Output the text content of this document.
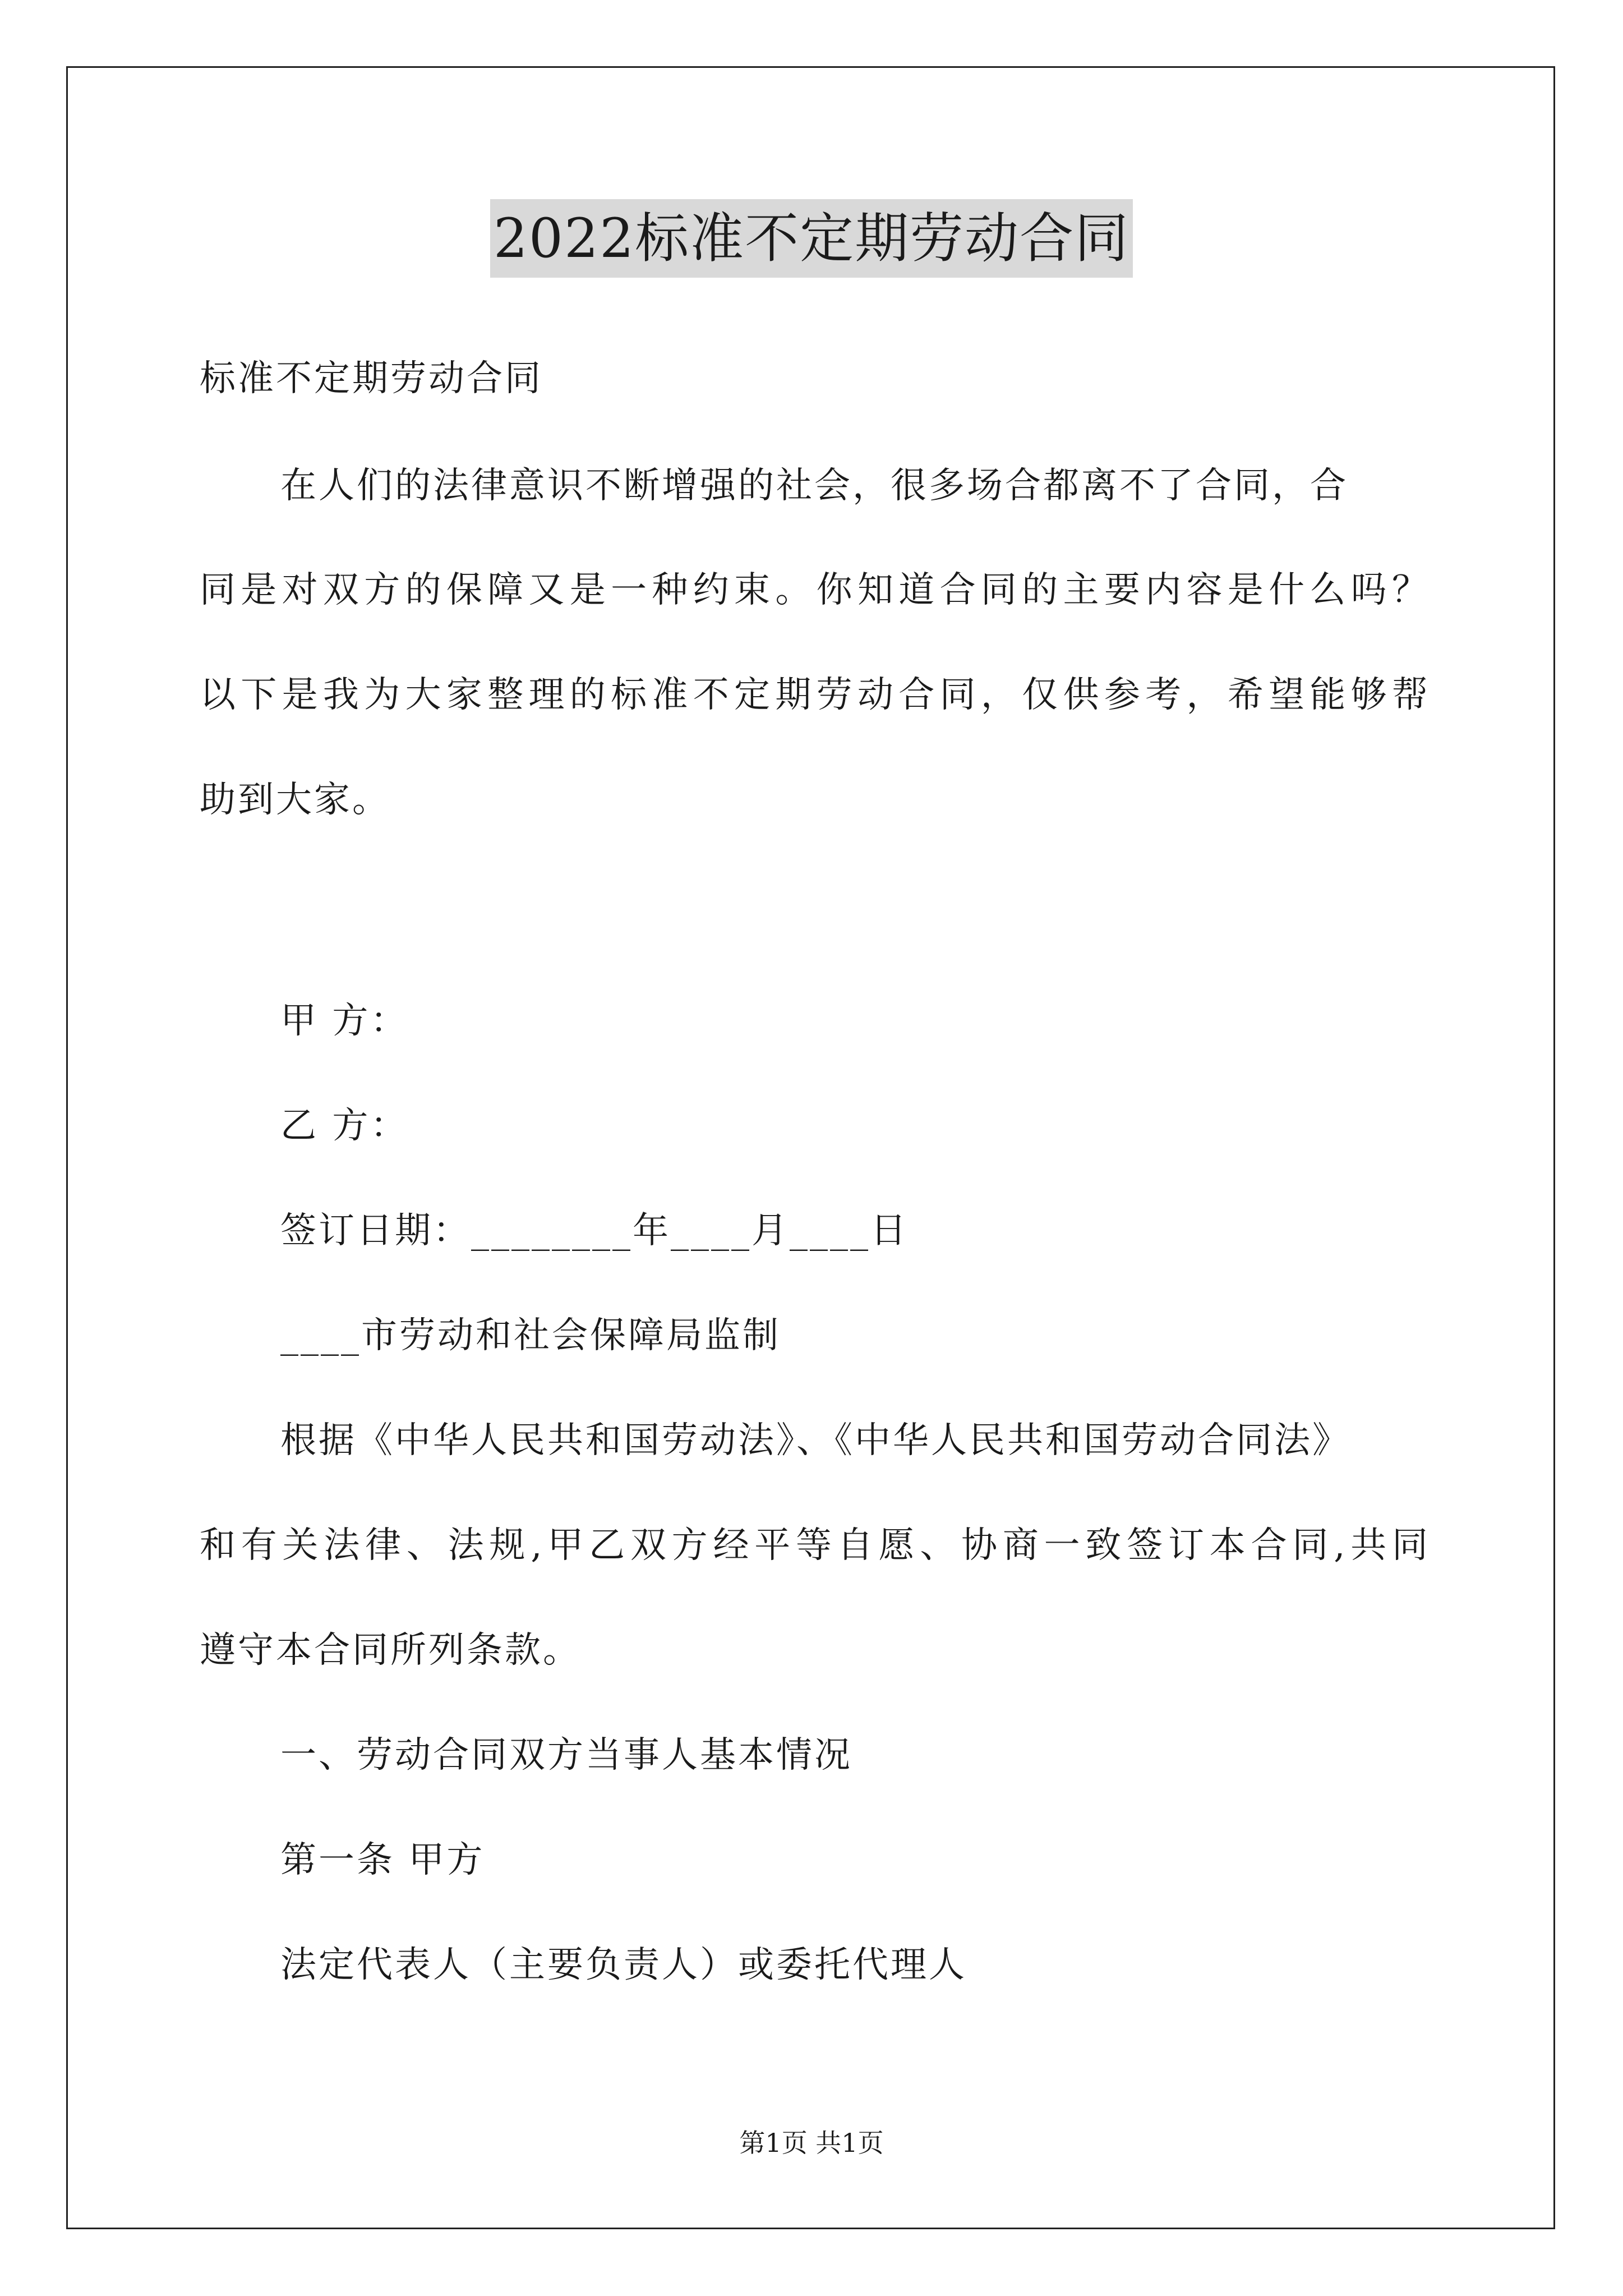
2022标准不定期劳动合同
标准不定期劳动合同
在人们的法律意识不断增强的社会，很多场合都离不了合同，合
同是对双方的保障又是一种约束。你知道合同的主要内容是什么吗？
以下是我为大家整理的标准不定期劳动合同，仅供参考，希望能够帮
助到大家。
甲 方：
乙 方：
签订日期：________年____月____日
____市劳动和社会保障局监制
根据《中华人民共和国劳动法》、《中华人民共和国劳动合同法》
和有关法律、法规,甲乙双方经平等自愿、协商一致签订本合同,共同
遵守本合同所列条款。
一、劳动合同双方当事人基本情况
第一条 甲方
法定代表人（主要负责人）或委托代理人
第1页 共1页
